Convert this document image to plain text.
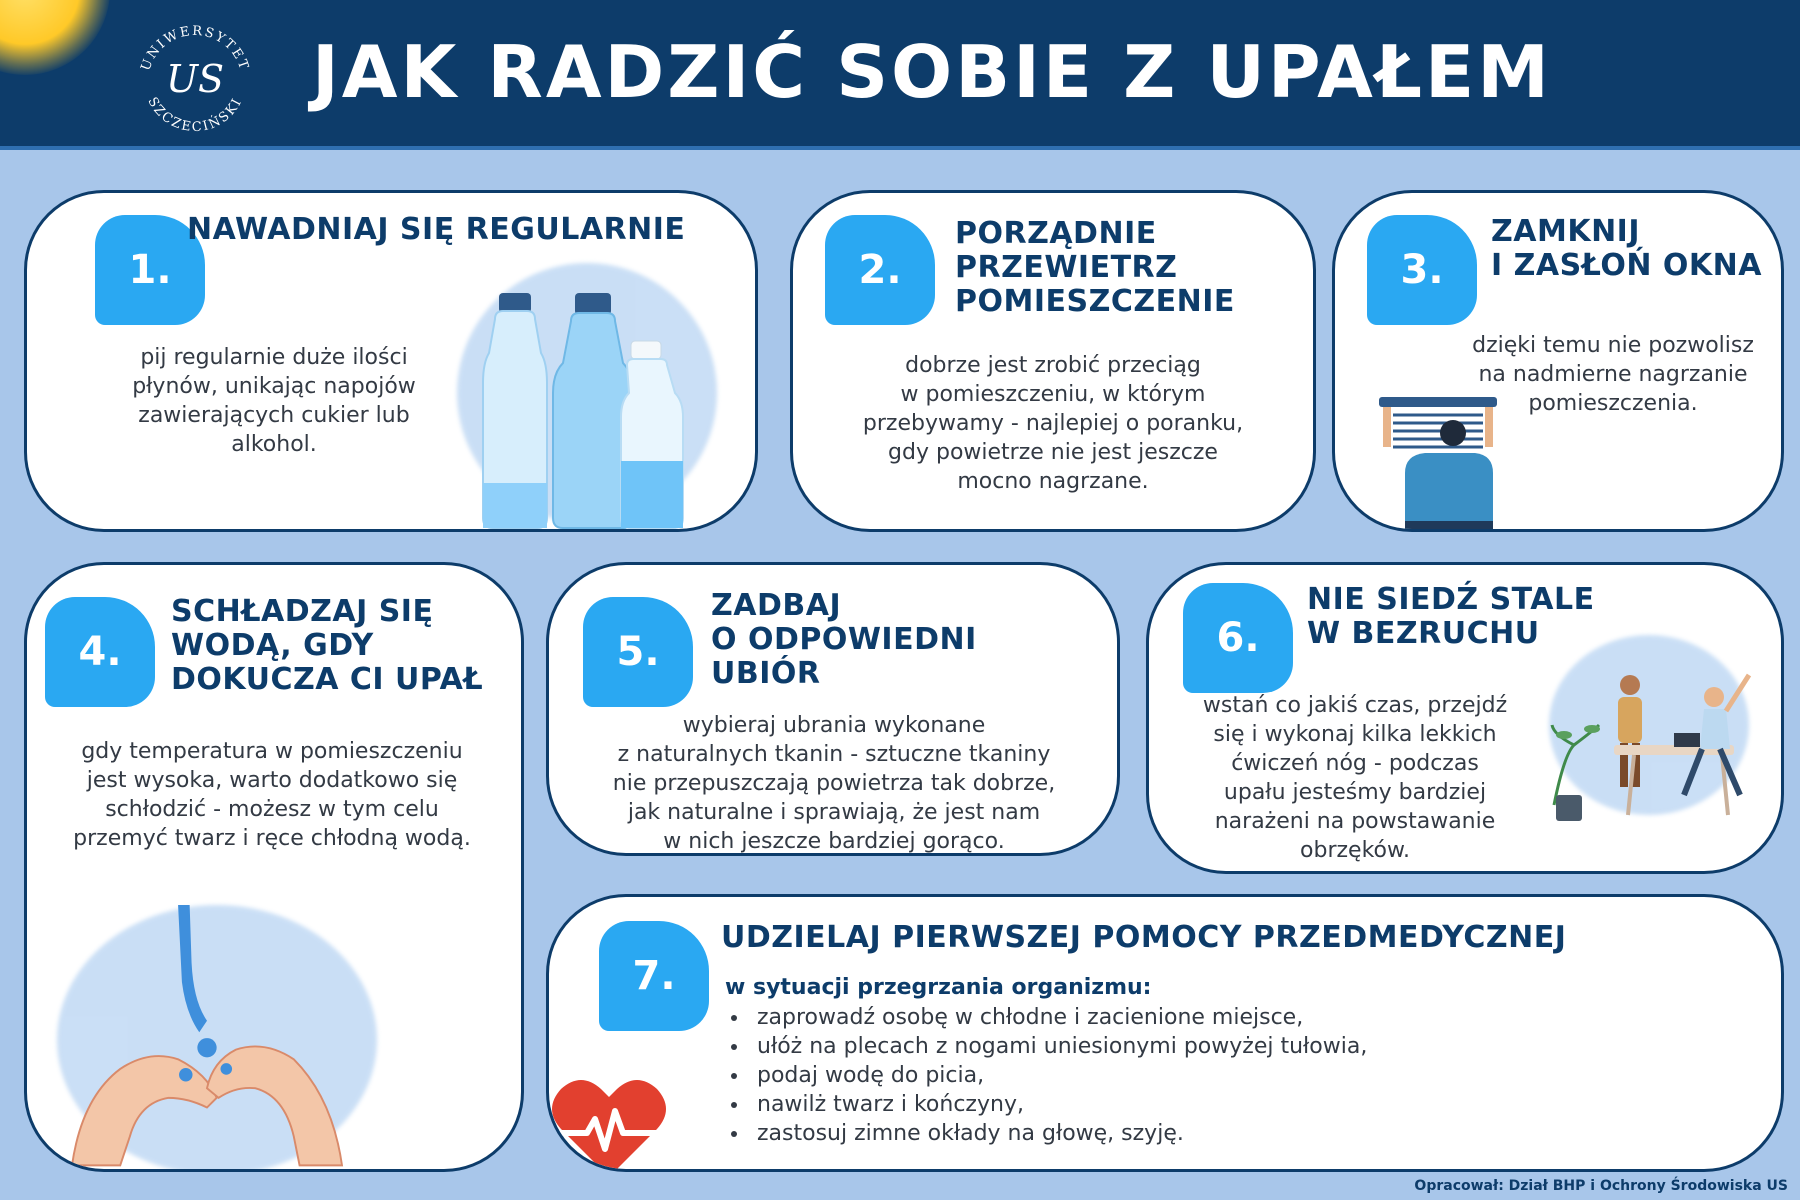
UNIWERSYTET
SZCZECIŃSKI
US JAK RADZIĆ SOBIE Z UPAŁEM
1.
NAWADNIAJ SIĘ REGULARNIE
pij regularnie duże ilości
płynów, unikając napojów
zawierających cukier lub
alkohol.
2.
PORZĄDNIE
PRZEWIETRZ
POMIESZCZENIE
dobrze jest zrobić przeciąg
w pomieszczeniu, w którym
przebywamy - najlepiej o poranku,
gdy powietrze nie jest jeszcze
mocno nagrzane.
3.
ZAMKNIJ
I ZASŁOŃ OKNA
dzięki temu nie pozwolisz
na nadmierne nagrzanie
pomieszczenia.
4.
SCHŁADZAJ SIĘ
WODĄ, GDY
DOKUCZA CI UPAŁ
gdy temperatura w pomieszczeniu
jest wysoka, warto dodatkowo się
schłodzić - możesz w tym celu
przemyć twarz i ręce chłodną wodą.
5.
ZADBAJ
O ODPOWIEDNI
UBIÓR
wybieraj ubrania wykonane
z naturalnych tkanin - sztuczne tkaniny
nie przepuszczają powietrza tak dobrze,
jak naturalne i sprawiają, że jest nam
w nich jeszcze bardziej gorąco.
6.
NIE SIEDŹ STALE
W BEZRUCHU
wstań co jakiś czas, przejdź
się i wykonaj kilka lekkich
ćwiczeń nóg - podczas
upału jesteśmy bardziej
narażeni na powstawanie
obrzęków.
7.
UDZIELAJ PIERWSZEJ POMOCY PRZEDMEDYCZNEJ
w sytuacji przegrzania organizmu:
zaprowadź osobę w chłodne i zacienione miejsce,
ułóż na plecach z nogami uniesionymi powyżej tułowia,
podaj wodę do picia,
nawilż twarz i kończyny,
zastosuj zimne okłady na głowę, szyję.
Opracował: Dział BHP i Ochrony Środowiska US
